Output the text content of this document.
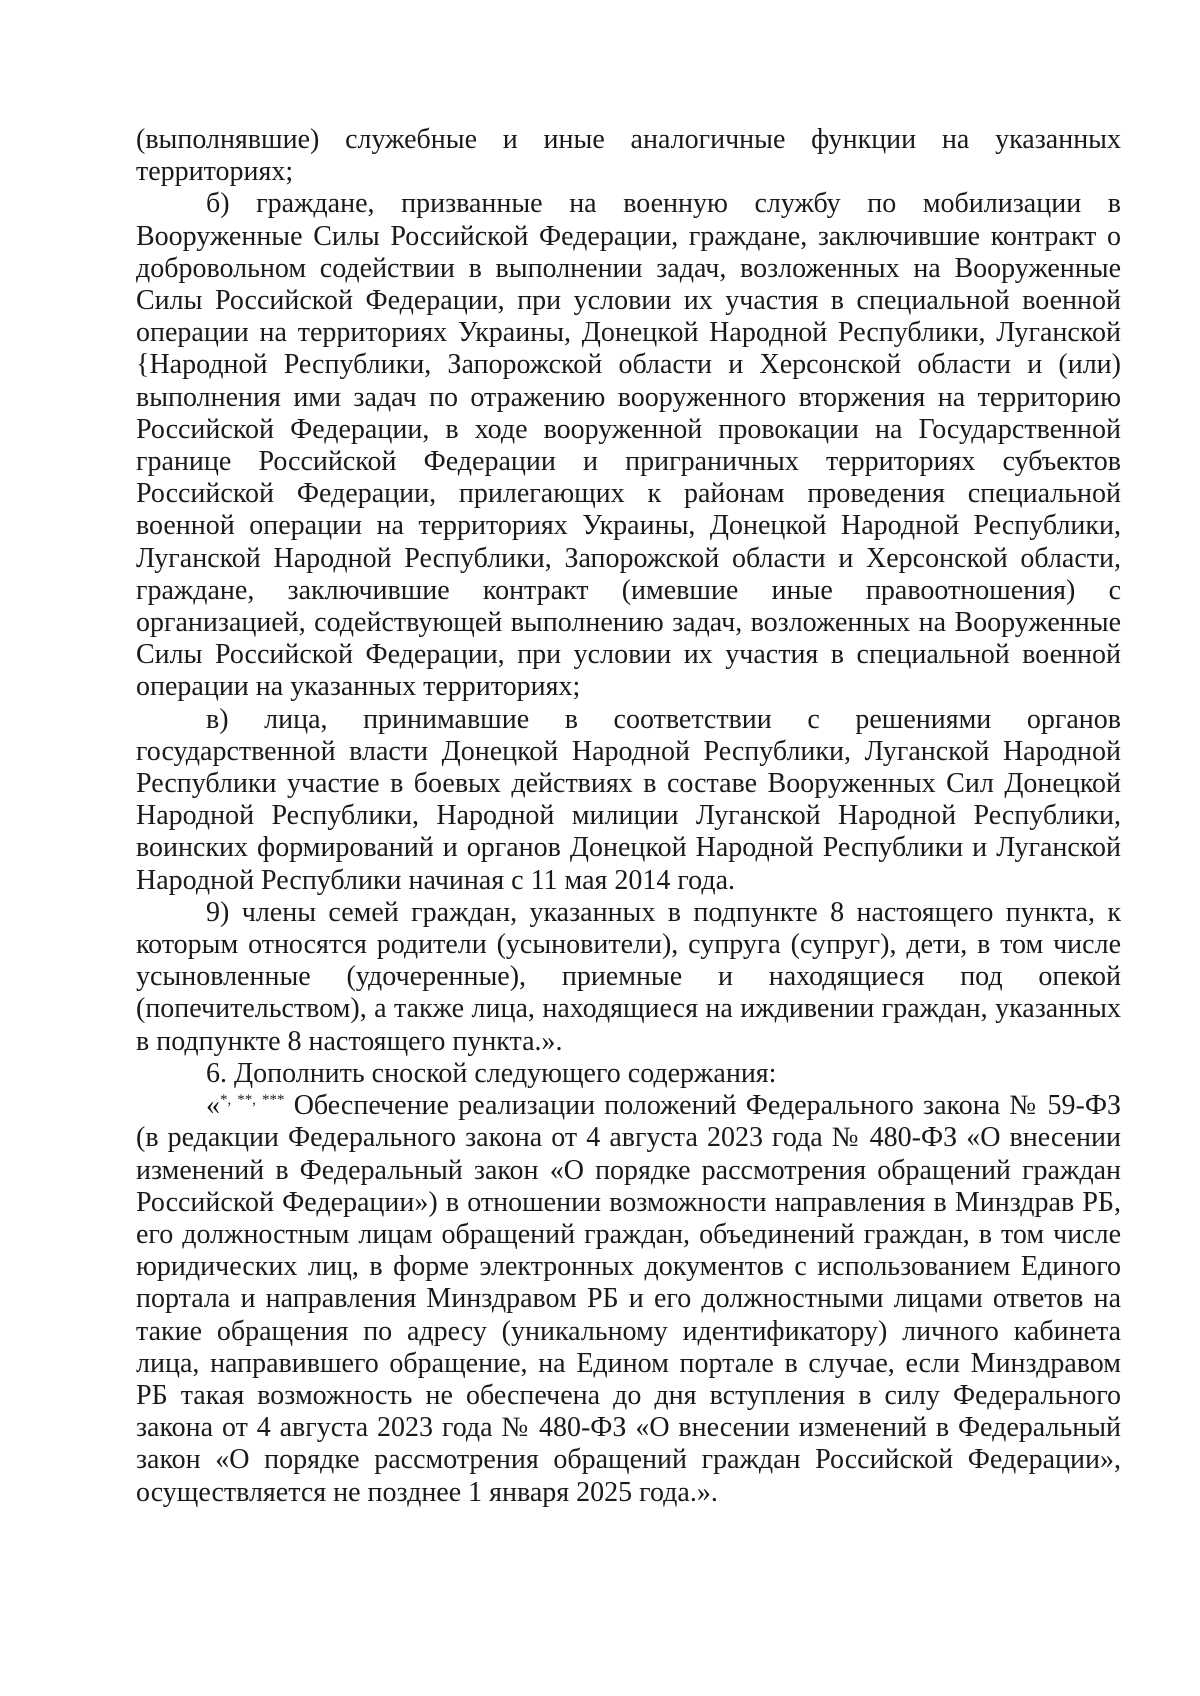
(выполнявшие) служебные и иные аналогичные функции на указанных территориях;

б) граждане, призванные на военную службу по мобилизации в Вооруженные Силы Российской Федерации, граждане, заключившие контракт о добровольном содействии в выполнении задач, возложенных на Вооруженные Силы Российской Федерации, при условии их участия в специальной военной операции на территориях Украины, Донецкой Народной Республики, Луганской {Народной Республики, Запорожской области и Херсонской области и (или) выполнения ими задач по отражению вооруженного вторжения на территорию Российской Федерации, в ходе вооруженной провокации на Государственной границе Российской Федерации и приграничных территориях субъектов Российской Федерации, прилегающих к районам проведения специальной военной операции на территориях Украины, Донецкой Народной Республики, Луганской Народной Республики, Запорожской области и Херсонской области, граждане, заключившие контракт (имевшие иные правоотношения) с организацией, содействующей выполнению задач, возложенных на Вооруженные Силы Российской Федерации, при условии их участия в специальной военной операции на указанных территориях;

в) лица, принимавшие в соответствии с решениями органов государственной власти Донецкой Народной Республики, Луганской Народной Республики участие в боевых действиях в составе Вооруженных Сил Донецкой Народной Республики, Народной милиции Луганской Народной Республики, воинских формирований и органов Донецкой Народной Республики и Луганской Народной Республики начиная с 11 мая 2014 года.

9) члены семей граждан, указанных в подпункте 8 настоящего пункта, к которым относятся родители (усыновители), супруга (супруг), дети, в том числе усыновленные (удочеренные), приемные и находящиеся под опекой (попечительством), а также лица, находящиеся на иждивении граждан, указанных в подпункте 8 настоящего пункта.».

6. Дополнить сноской следующего содержания:

«*, **, *** Обеспечение реализации положений Федерального закона № 59-ФЗ (в редакции Федерального закона от 4 августа 2023 года № 480-ФЗ «О внесении изменений в Федеральный закон «О порядке рассмотрения обращений граждан Российской Федерации») в отношении возможности направления в Минздрав РБ, его должностным лицам обращений граждан, объединений граждан, в том числе юридических лиц, в форме электронных документов с использованием Единого портала и направления Минздравом РБ и его должностными лицами ответов на такие обращения по адресу (уникальному идентификатору) личного кабинета лица, направившего обращение, на Едином портале в случае, если Минздравом РБ такая возможность не обеспечена до дня вступления в силу Федерального закона от 4 августа 2023 года № 480-ФЗ «О внесении изменений в Федеральный закон «О порядке рассмотрения обращений граждан Российской Федерации», осуществляется не позднее 1 января 2025 года.».
